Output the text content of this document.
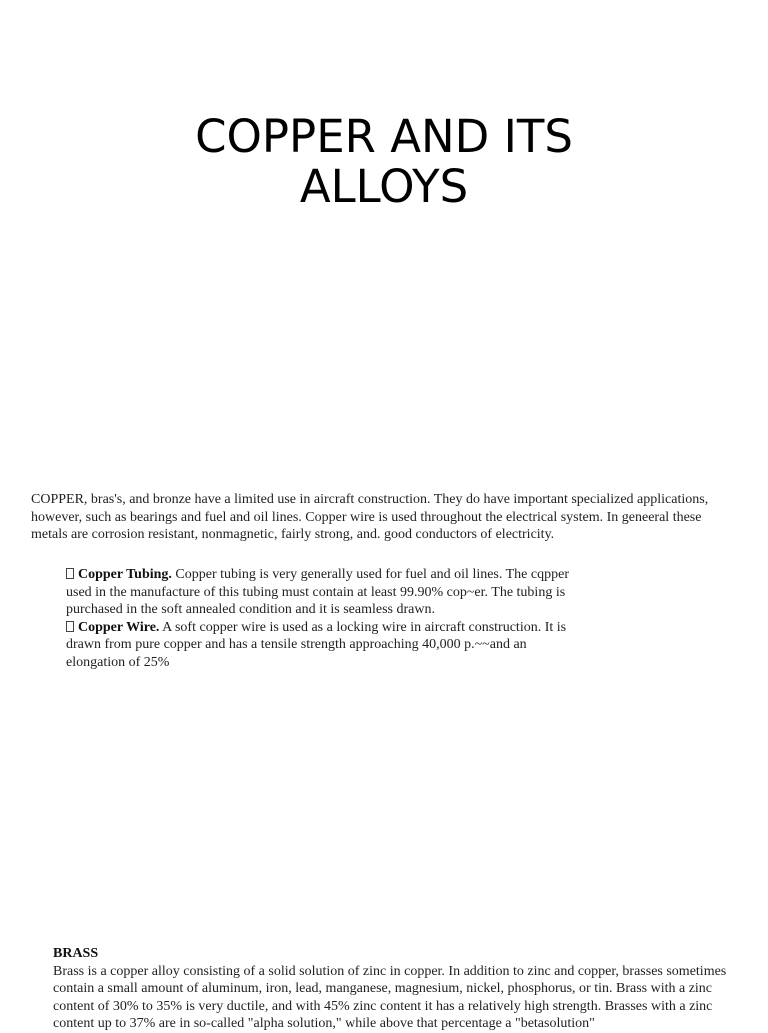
COPPER AND ITS
ALLOYS

COPPER, bras's, and bronze have a limited use in aircraft construction. They do have important specialized applications, however, such as bearings and fuel and oil lines. Copper wire is used throughout the electrical system. In geneeral these metals are corrosion resistant, nonmagnetic, fairly strong, and. good conductors of electricity.

Copper Tubing. Copper tubing is very generally used for fuel and oil lines. The cqpper used in the manufacture of this tubing must contain at least 99.90% cop~er. The tubing is purchased in the soft annealed condition and it is seamless drawn.
Copper Wire. A soft copper wire is used as a locking wire in aircraft construction. It is drawn from pure copper and has a tensile strength approaching 40,000 p.~~and an elongation of 25%
BRASS

Brass is a copper alloy consisting of a solid solution of zinc in copper. In addition to zinc and copper, brasses sometimes contain a small amount of aluminum, iron, lead, manganese, magnesium, nickel, phosphorus, or tin. Brass with a zinc content of 30% to 35% is very ductile, and with 45% zinc content it has a relatively high strength. Brasses with a zinc content up to 37% are in so-called "alpha solution," while above that percentage a "betasolution"
